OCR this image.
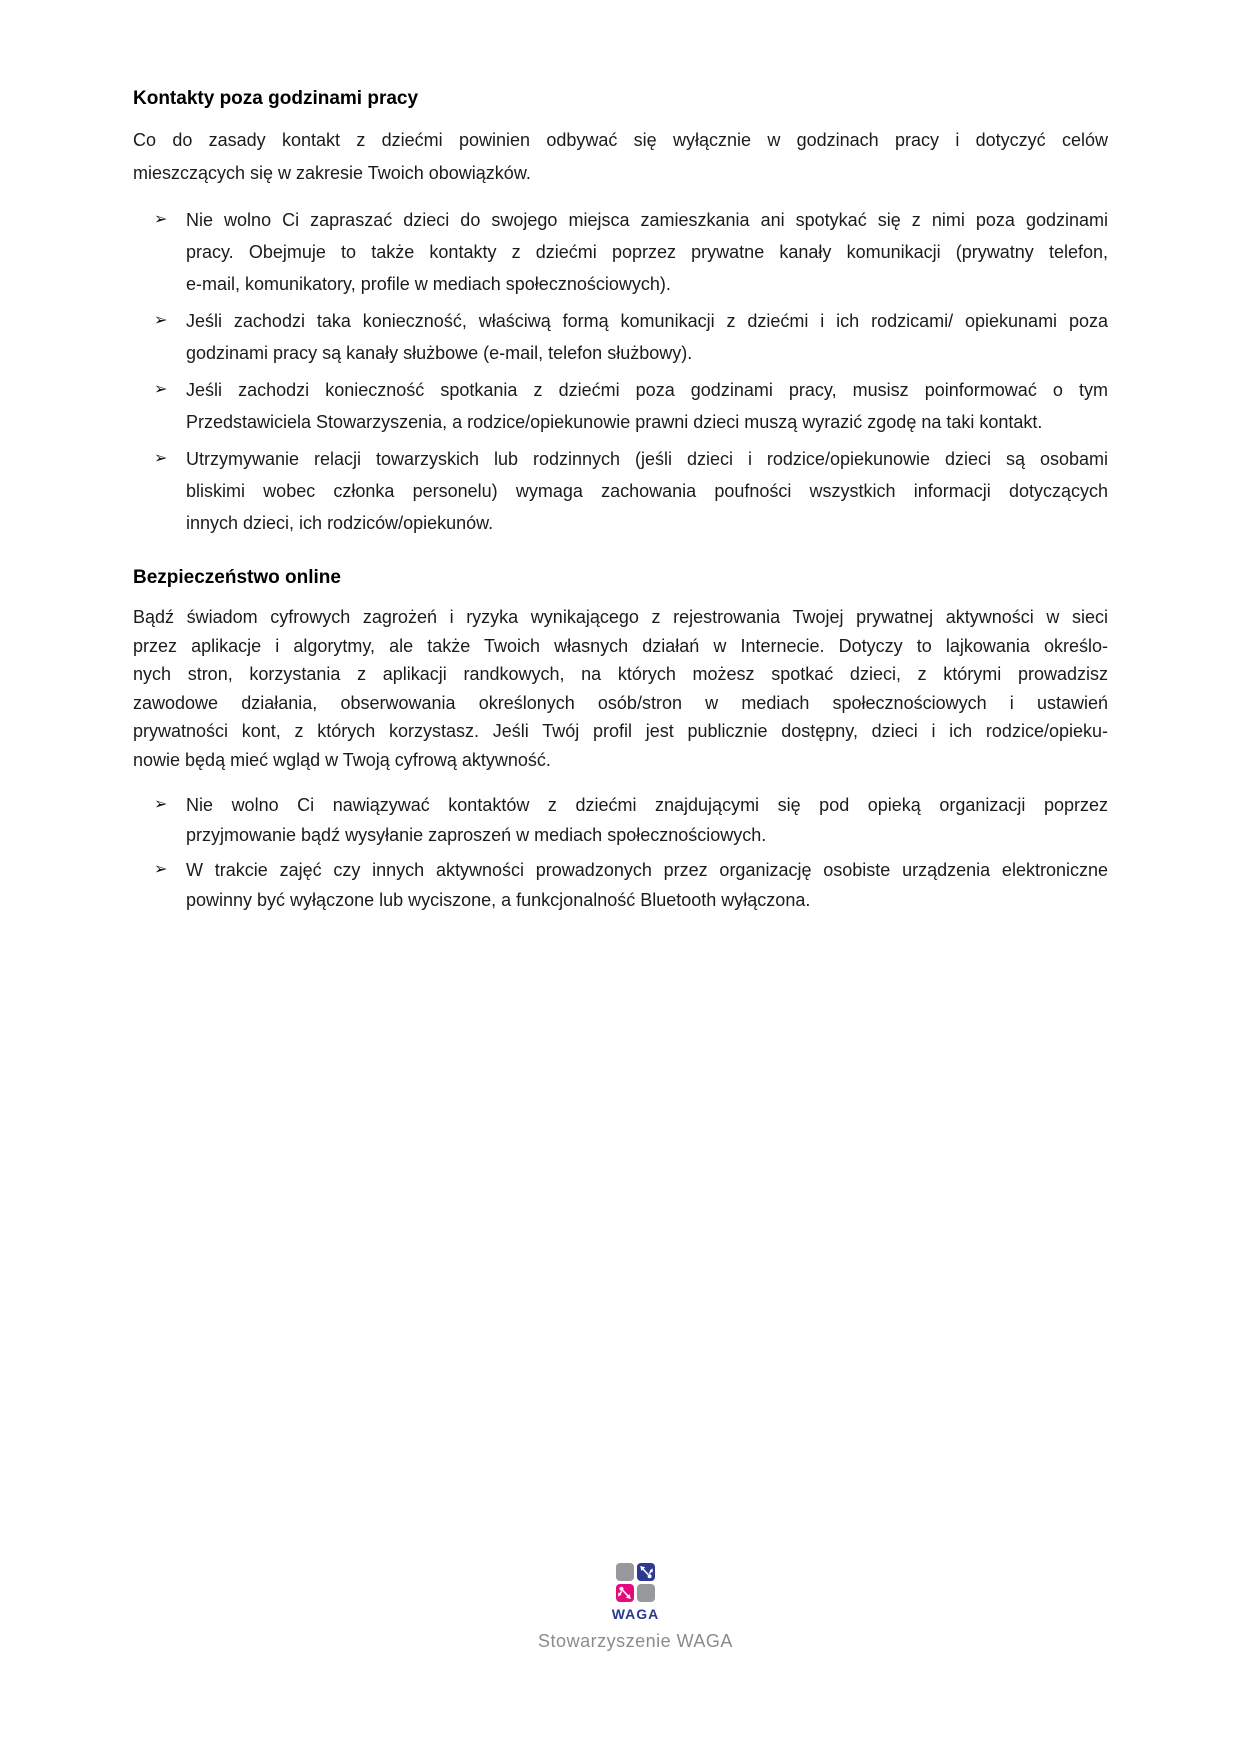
Kontakty poza godzinami pracy
Co do zasady kontakt z dziećmi powinien odbywać się wyłącznie w godzinach pracy i dotyczyć celów
mieszczących się w zakresie Twoich obowiązków.
➢ Nie wolno Ci zapraszać dzieci do swojego miejsca zamieszkania ani spotykać się z nimi poza godzinami
pracy. Obejmuje to także kontakty z dziećmi poprzez prywatne kanały komunikacji (prywatny telefon,
e-mail, komunikatory, profile w mediach społecznościowych).
➢ Jeśli zachodzi taka konieczność, właściwą formą komunikacji z dziećmi i ich rodzicami/ opiekunami poza
godzinami pracy są kanały służbowe (e-mail, telefon służbowy).
➢ Jeśli zachodzi konieczność spotkania z dziećmi poza godzinami pracy, musisz poinformować o tym
Przedstawiciela Stowarzyszenia, a rodzice/opiekunowie prawni dzieci muszą wyrazić zgodę na taki kontakt.
➢ Utrzymywanie relacji towarzyskich lub rodzinnych (jeśli dzieci i rodzice/opiekunowie dzieci są osobami
bliskimi wobec członka personelu) wymaga zachowania poufności wszystkich informacji dotyczących
innych dzieci, ich rodziców/opiekunów.
Bezpieczeństwo online
Bądź świadom cyfrowych zagrożeń i ryzyka wynikającego z rejestrowania Twojej prywatnej aktywności w sieci
przez aplikacje i algorytmy, ale także Twoich własnych działań w Internecie. Dotyczy to lajkowania określo-
nych stron, korzystania z aplikacji randkowych, na których możesz spotkać dzieci, z którymi prowadzisz
zawodowe działania, obserwowania określonych osób/stron w mediach społecznościowych i ustawień
prywatności kont, z których korzystasz. Jeśli Twój profil jest publicznie dostępny, dzieci i ich rodzice/opieku-
nowie będą mieć wgląd w Twoją cyfrową aktywność.
➢ Nie wolno Ci nawiązywać kontaktów z dziećmi znajdującymi się pod opieką organizacji poprzez
przyjmowanie bądź wysyłanie zaproszeń w mediach społecznościowych.
➢ W trakcie zajęć czy innych aktywności prowadzonych przez organizację osobiste urządzenia elektroniczne
powinny być wyłączone lub wyciszone, a funkcjonalność Bluetooth wyłączona.
WAGA
Stowarzyszenie WAGA
